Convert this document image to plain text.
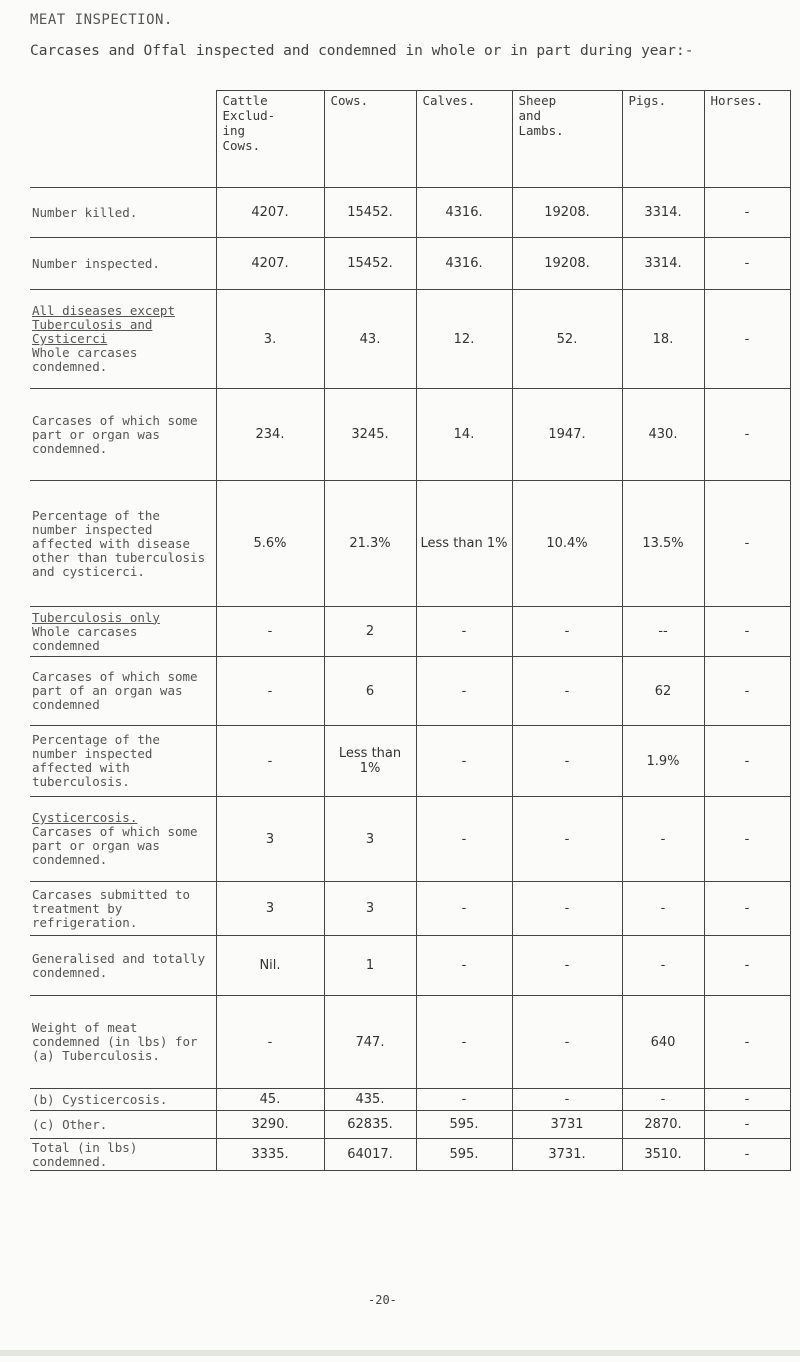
MEAT INSPECTION.
Carcases and Offal inspected and condemned in whole or in part during year:-
	Cattle
Exclud-
ing
Cows.	Cows.	Calves.	Sheep
and
Lambs.	Pigs.	Horses.
Number killed.	4207.	15452.	4316.	19208.	3314.	-
Number inspected.	4207.	15452.	4316.	19208.	3314.	-
All diseases except Tuberculosis and Cysticerci
Whole carcases condemned.	3.	43.	12.	52.	18.	-
Carcases of which some part or organ was condemned.	234.	3245.	14.	1947.	430.	-
Percentage of the number inspected affected with disease other than tuberculosis and cysticerci.	5.6%	21.3%	Less than 1%	10.4%	13.5%	-
Tuberculosis only
Whole carcases condemned	-	2	-	-	--	-
Carcases of which some part of an organ was condemned	-	6	-	-	62	-
Percentage of the number inspected affected with tuberculosis.	-	Less than 1%	-	-	1.9%	-
Cysticercosis.
Carcases of which some part or organ was condemned.	3	3	-	-	-	-
Carcases submitted to treatment by refrigeration.	3	3	-	-	-	-
Generalised and totally condemned.	Nil.	1	-	-	-	-
Weight of meat condemned (in lbs) for (a) Tuberculosis.	-	747.	-	-	640	-
(b) Cysticercosis.	45.	435.	-	-	-	-
(c) Other.	3290.	62835.	595.	3731	2870.	-
Total (in lbs) condemned.	3335.	64017.	595.	3731.	3510.	-
-20-
